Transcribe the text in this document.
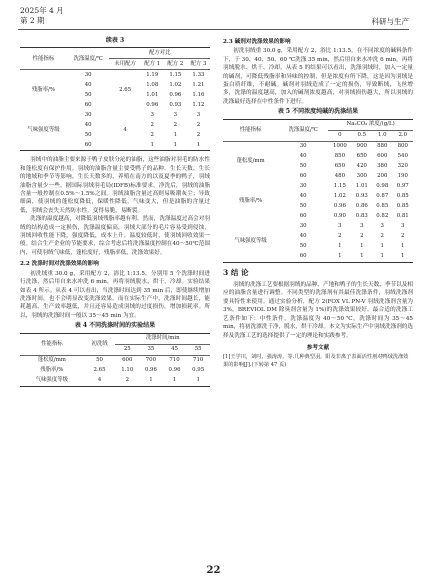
2025年 4 月
第 2 期	科研与生产
续表 3
性能指标	洗涤温度/℃	配方对比			
		未用配方	配方 1	配方 2	配方 3
残脂率/%	30	2.65	1.19	1.15	1.33
	40		1.08	1.02	1.21
	50		1.01	0.96	1.16
	60		0.96	0.93	1.12
气味强度等级	30	4	3	3	3
	40		2	2	2
	50		2	1	2
	60		1	1	1

羽绒中的油脂主要来源于鸭子皮肤分泌的油脂，这些油脂对羽毛的防水性和蓬松度有保护作用。羽绒的油脂含量主要受鸭子的品种、生长天数、生长的地域和季节等影响。生长天数多的，养殖在南方的以及夏季的鸭子，羽绒油脂含量少一些。据国际羽绒羽毛局(IDFB)标准要求，净洗后，羽绒的油脂含量一般控制在0.5%～1.5%之间。羽绒油脂含量过高则易吸潮灰尘；导致细菌，使羽绒的蓬松度降低，保暖性降低，气味变大，但是油脂的含量过低，羽绒会丧失天然防水性，变得易脆，易断裂。

洗涤的温度越高，对降低羽绒残脂率越有利。然而，洗涤温度过高会对羽绒的结构造成一定损伤，洗涤温度偏高，羽绒大部分的毛片容易受到侵蚀，羽绒回收性能下降，强度降低，成本上升。温度较低时，使羽绒回收效果一般。结合生产企业的节能要求，综合考虑后将洗涤温度控制在40～50℃范围内，可使羽绒气味低，蓬松度好，残脂率低，洗涤效果好。

2.2 洗涤时间对洗涤效果的影响

初洗绒重 30.0 g，采用配方 2，浴比 1:13.5，分别用 5 个洗涤时间进行洗涤，然后用自来水冲洗 6 min，再将羽绒脱水，烘干，冷却。实验结果如表 4 所示。从表 4 可以看出，当洗涤时间达到 35 min 后，即使继续增加洗涤时间，也不会明显改变洗涤效果。而在实际生产中，洗涤时间越长，能耗越高，生产效率越低，并且还容易造成羽绒的过度损伤，增加损耗率。所以，羽绒的洗涤时间一般以 35～45 min 为宜。

表 4 不同洗涤时间的实验结果
性能指标	初洗绒	洗涤时间/min			
		25	35	45	55
蓬松度/mm	50	600	700	710	710
残脂率/%	2.65	1.10	0.96	0.96	0.95
气味强度等级	4	2	1	1	1
2.3 碱剂对洗涤效果的影响

初洗羽绒重 30.0 g，采用配方 2，浴比 1:13.5，在不同浓度的碱料条件下，于 30、40、50、60 ℃洗涤 35 min，然后用自来水冲洗 6 min，再将羽绒脱水、烘干、冷却。从表 5 的结果可以看出，洗涤羽绒时，加入一定量的碱剂，可降低残脂率和异味的控制，但是浓度有所下降，这是因为羽绒是蛋白质纤维，不耐碱。碱剂对羽绒造成了一定的损伤，导致断绒，飞丝增多，洗涤的温度越高，加入的碱剂浓度越高，对羽绒损伤越大，所以羽绒的洗涤最好选择在中性条件下进行。

表 5 不同浓度纯碱的洗涤结果
性能指标	洗涤温度/℃	Na₂CO₃ 浓度/(g/L)			
		0	0.5	1.0	2.0
蓬松度/mm	30	1000	900	880	800
	40	850	650	600	540
	50	650	420	380	320
	60	480	300	200	190
残脂率/%	30	1.15	1.01	0.98	0.97
	40	1.02	0.93	0.87	0.85
	50	0.96	0.86	0.85	0.85
	60	0.90	0.83	0.82	0.81
气味强度等级	30	3	3	3	3
	40	2	2	2	2
	50	1	1	1	1
	60	1	1	1	1
3 结 论

羽绒的洗涤工艺要根据羽绒的品种、产地和鸭子的生长天数、季节以及相应的油脂含量进行调整。不同类型的洗涤剂有其最佳洗涤条件，羽绒洗涤剂要具特性来使用。通过实验分析，配方 2(FOX VL PN-V 羽绒洗涤剂含量为 3%，BREVIOL DM 除臭剂含量为 1%)的洗涤效果较好。最合适的洗涤工艺条件如下：中性条件，洗涤温度为 40～50 ℃，洗涤时间为 35～45 min，将初洗漂洗干净，脱水，烘干冷却。本文为实际生产中羽绒洗涤剂的选择及洗涤工艺的选择提供了一定的理论和实践参考。

参考文献
[1]王学川，刘吋，强涛涛，等.几种典型羽，阳及非离子表面活性剂对鸭绒洗涤效果的影响[J].(下转第 47 页)
22
